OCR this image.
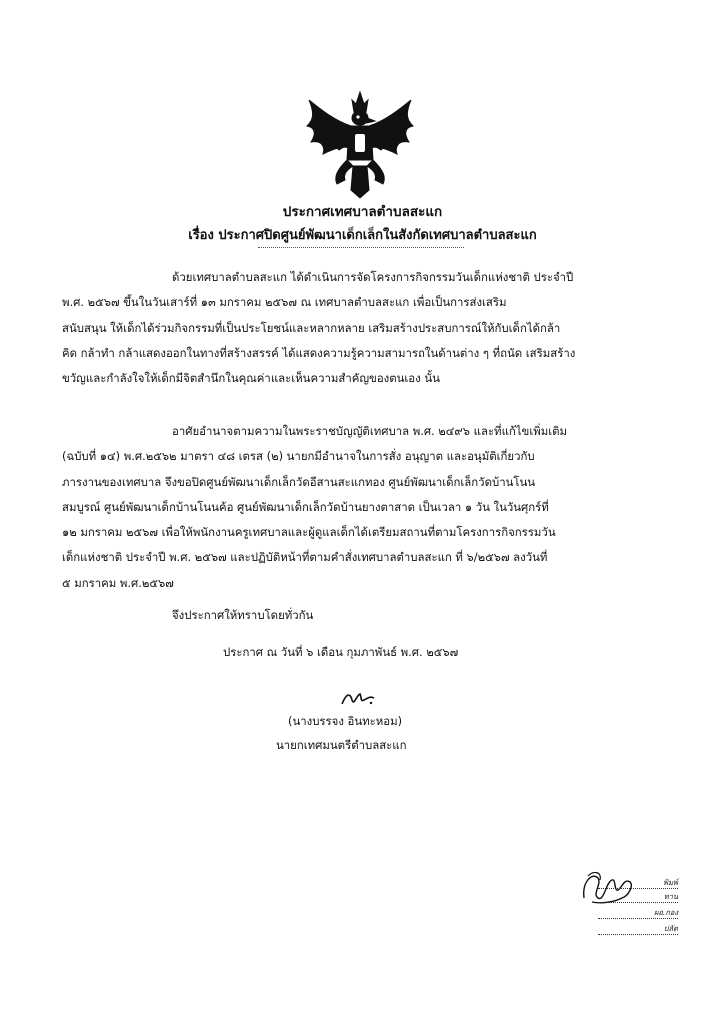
ประกาศเทศบาลตำบลสะแก
เรื่อง ประกาศปิดศูนย์พัฒนาเด็กเล็กในสังกัดเทศบาลตำบลสะแก
ด้วยเทศบาลตำบลสะแก ได้ดำเนินการจัดโครงการกิจกรรมวันเด็กแห่งชาติ ประจำปี
พ.ศ. ๒๕๖๗ ขึ้นในวันเสาร์ที่ ๑๓ มกราคม ๒๕๖๗ ณ เทศบาลตำบลสะแก เพื่อเป็นการส่งเสริม
สนับสนุน ให้เด็กได้ร่วมกิจกรรมที่เป็นประโยชน์และหลากหลาย เสริมสร้างประสบการณ์ให้กับเด็กได้กล้า
คิด กล้าทำ กล้าแสดงออกในทางที่สร้างสรรค์ ได้แสดงความรู้ความสามารถในด้านต่าง ๆ ที่ถนัด เสริมสร้าง
ขวัญและกำลังใจให้เด็กมีจิตสำนึกในคุณค่าและเห็นความสำคัญของตนเอง นั้น
อาศัยอำนาจตามความในพระราชบัญญัติเทศบาล พ.ศ. ๒๔๙๖ และที่แก้ไขเพิ่มเติม
(ฉบับที่ ๑๔) พ.ศ.๒๕๖๒ มาตรา ๔๘ เตรส (๒) นายกมีอำนาจในการสั่ง อนุญาต และอนุมัติเกี่ยวกับ
ภารงานของเทศบาล จึงขอปิดศูนย์พัฒนาเด็กเล็กวัดอีสานสะแกทอง ศูนย์พัฒนาเด็กเล็กวัดบ้านโนน
สมบูรณ์ ศูนย์พัฒนาเด็กบ้านโนนค้อ ศูนย์พัฒนาเด็กเล็กวัดบ้านยางตาสาด เป็นเวลา ๑ วัน ในวันศุกร์ที่
๑๒ มกราคม ๒๕๖๗ เพื่อให้พนักงานครูเทศบาลและผู้ดูแลเด็กได้เตรียมสถานที่ตามโครงการกิจกรรมวัน
เด็กแห่งชาติ ประจำปี พ.ศ. ๒๕๖๗ และปฏิบัติหน้าที่ตามคำสั่งเทศบาลตำบลสะแก ที่ ๖/๒๕๖๗ ลงวันที่
๕ มกราคม พ.ศ.๒๕๖๗
จึงประกาศให้ทราบโดยทั่วกัน
ประกาศ ณ วันที่ ๖ เดือน กุมภาพันธ์ พ.ศ. ๒๕๖๗
(นางบรรจง อินทะหอม)
นายกเทศมนตรีตำบลสะแก
พิมพ์
ทาน
ผอ.กอง
ปลัด
